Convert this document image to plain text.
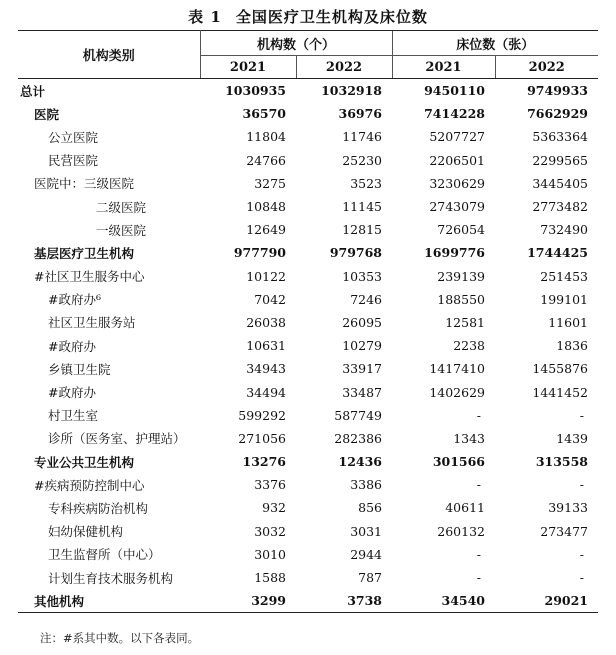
表 1 全国医疗卫生机构及床位数
机构类别	机构数（个）		床位数（张）	
	2021	2022	2021	2022
总计	1030935	1032918	9450110	9749933
医院	36570	36976	7414228	7662929
公立医院	11804	11746	5207727	5363364
民营医院	24766	25230	2206501	2299565
医院中：三级医院	3275	3523	3230629	3445405
二级医院	10848	11145	2743079	2773482
一级医院	12649	12815	726054	732490
基层医疗卫生机构	977790	979768	1699776	1744425
#社区卫生服务中心	10122	10353	239139	251453
#政府办⁶	7042	7246	188550	199101
社区卫生服务站	26038	26095	12581	11601
#政府办	10631	10279	2238	1836
乡镇卫生院	34943	33917	1417410	1455876
#政府办	34494	33487	1402629	1441452
村卫生室	599292	587749	-	-
诊所（医务室、护理站）	271056	282386	1343	1439
专业公共卫生机构	13276	12436	301566	313558
#疾病预防控制中心	3376	3386	-	-
专科疾病防治机构	932	856	40611	39133
妇幼保健机构	3032	3031	260132	273477
卫生监督所（中心）	3010	2944	-	-
计划生育技术服务机构	1588	787	-	-
其他机构	3299	3738	34540	29021
注：#系其中数。以下各表同。
